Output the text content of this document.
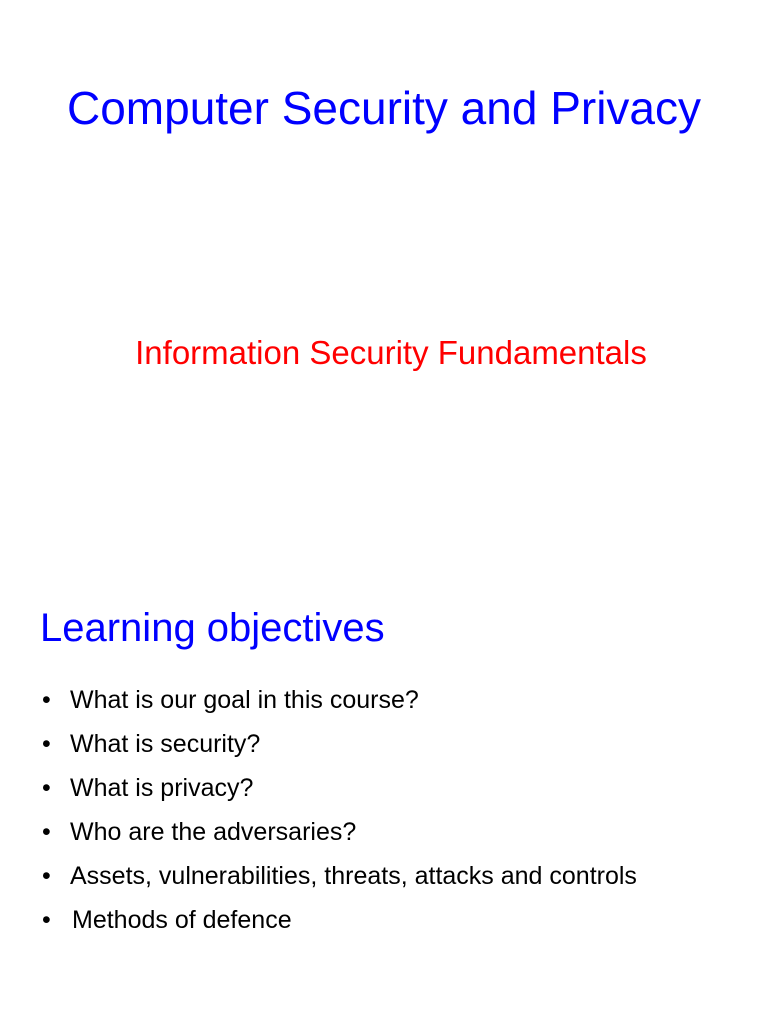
Computer Security and Privacy
Information Security Fundamentals
Learning objectives
• What is our goal in this course?
• What is security?
• What is privacy?
• Who are the adversaries?
• Assets, vulnerabilities, threats, attacks and controls
• Methods of defence
